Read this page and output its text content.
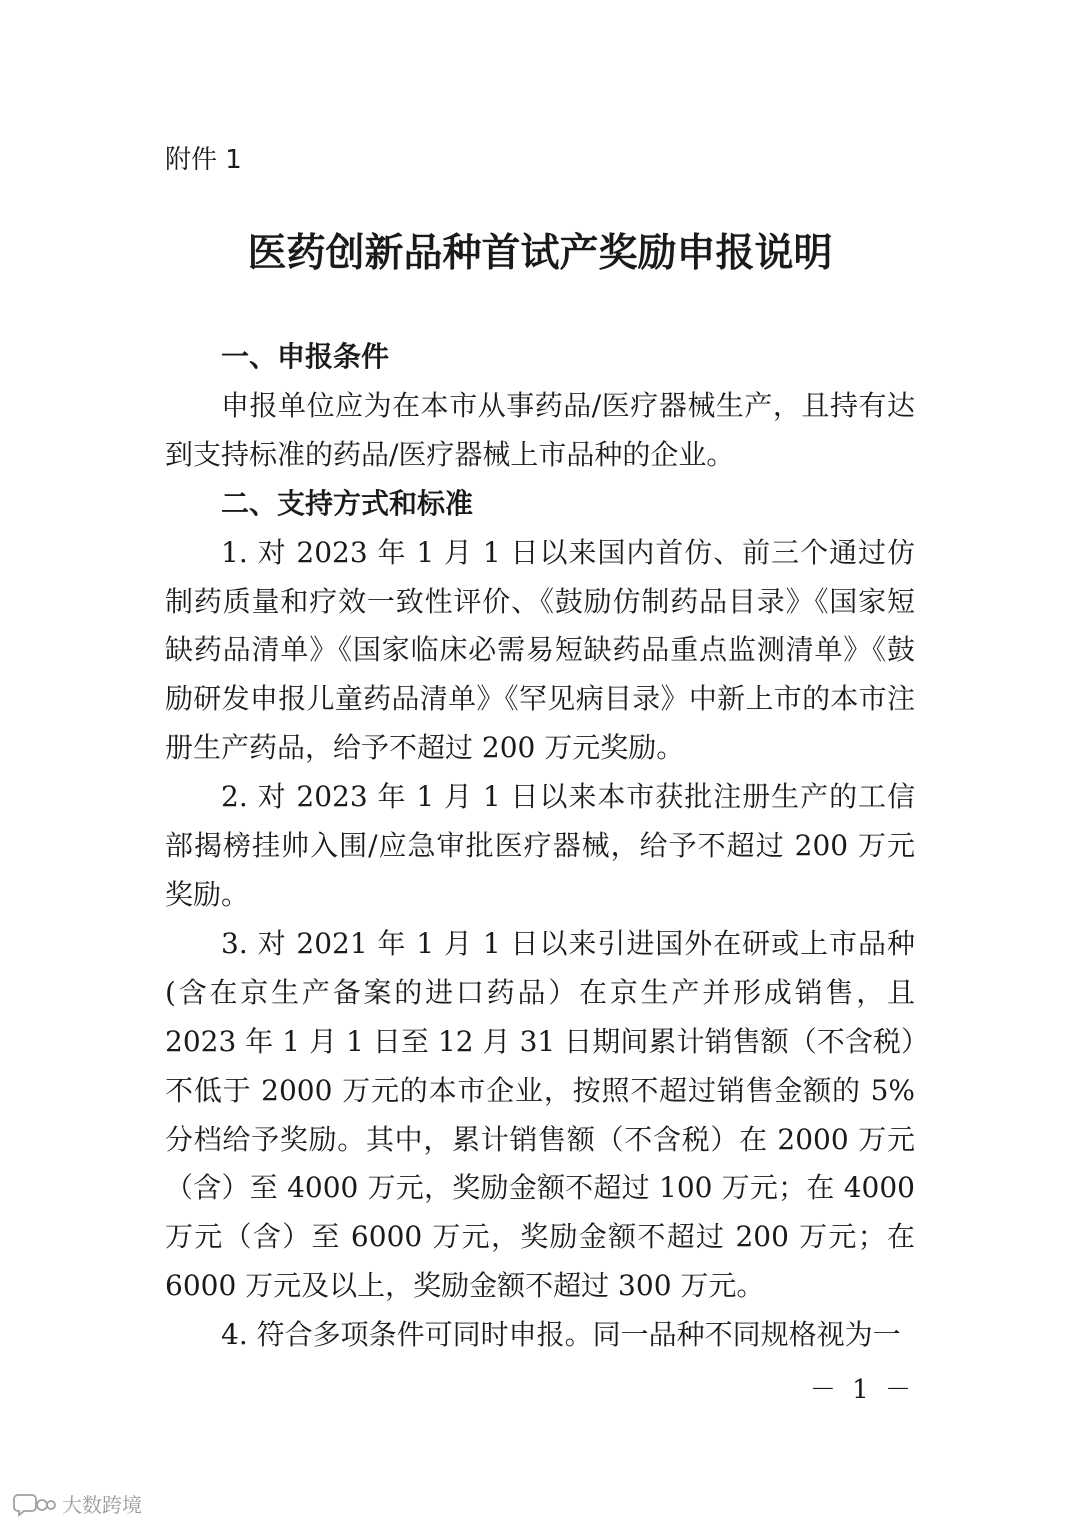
附件 1
医药创新品种首试产奖励申报说明
一、申报条件

申报单位应为在本市从事药品/医疗器械生产，且持有达到支持标准的药品/医疗器械上市品种的企业。

二、支持方式和标准

1. 对 2023 年 1 月 1 日以来国内首仿、前三个通过仿制药质量和疗效一致性评价、《鼓励仿制药品目录》《国家短缺药品清单》《国家临床必需易短缺药品重点监测清单》《鼓励研发申报儿童药品清单》《罕见病目录》中新上市的本市注册生产药品，给予不超过 200 万元奖励。

2. 对 2023 年 1 月 1 日以来本市获批注册生产的工信部揭榜挂帅入围/应急审批医疗器械，给予不超过 200 万元奖励。

3. 对 2021 年 1 月 1 日以来引进国外在研或上市品种(含在京生产备案的进口药品）在京生产并形成销售，且 2023 年 1 月 1 日至 12 月 31 日期间累计销售额（不含税）不低于 2000 万元的本市企业，按照不超过销售金额的 5%分档给予奖励。其中，累计销售额（不含税）在 2000 万元（含）至 4000 万元，奖励金额不超过 100 万元；在 4000 万元（含）至 6000 万元，奖励金额不超过 200 万元；在 6000 万元及以上，奖励金额不超过 300 万元。

4. 符合多项条件可同时申报。同一品种不同规格视为一

－ 1 －
大数跨境
